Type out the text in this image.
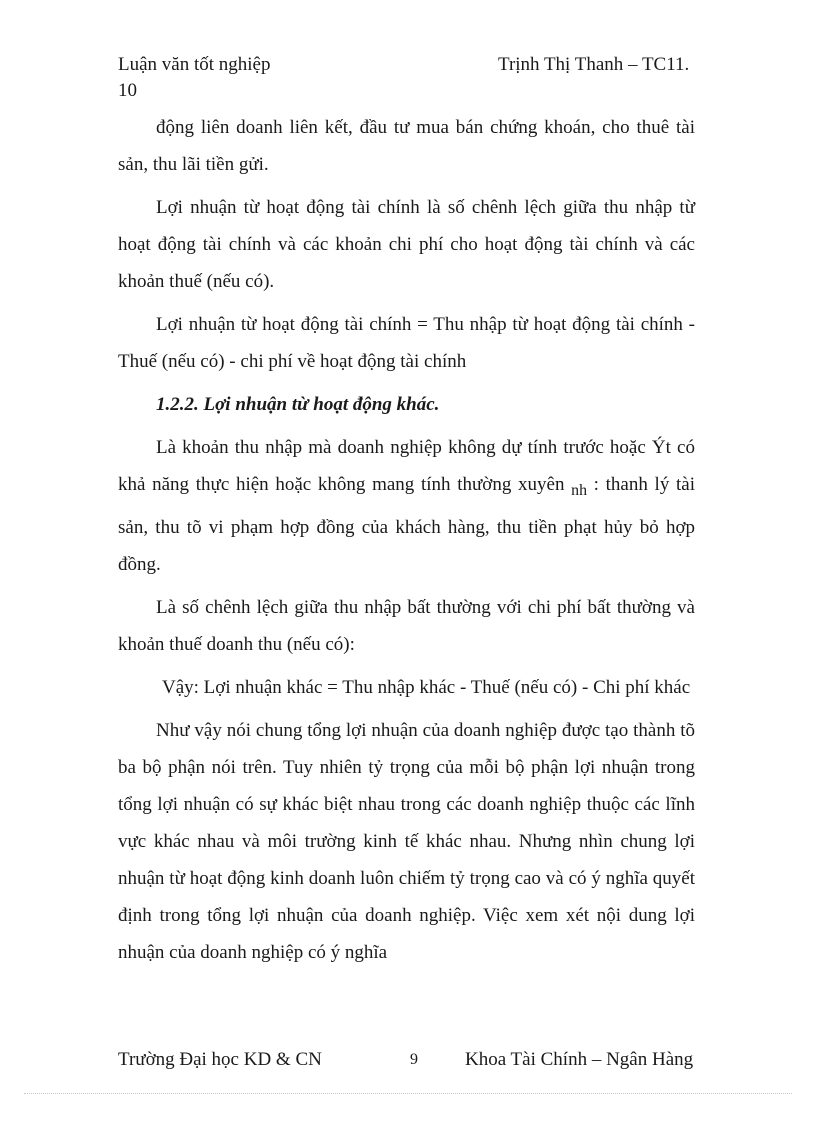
Luận văn tốt nghiệp
10
Trịnh Thị Thanh – TC11.

động liên doanh liên kết, đầu tư mua bán chứng khoán, cho thuê tài sản, thu lãi tiền gửi.

Lợi nhuận từ hoạt động tài chính là số chênh lệch giữa thu nhập từ hoạt động tài chính và các khoản chi phí cho hoạt động tài chính và các khoản thuế (nếu có).

Lợi nhuận từ hoạt động tài chính = Thu nhập từ hoạt động tài chính - Thuế (nếu có) - chi phí về hoạt động tài chính

1.2.2. Lợi nhuận từ hoạt động khác.

Là khoản thu nhập mà doanh nghiệp không dự tính trước hoặc Ýt có khả năng thực hiện hoặc không mang tính thường xuyên $_{nh}$ : thanh lý tài sản, thu tõ vi phạm hợp đồng của khách hàng, thu tiền phạt hủy bỏ hợp đồng.

Là số chênh lệch giữa thu nhập bất thường với chi phí bất thường và khoản thuế doanh thu (nếu có):

Vậy: Lợi nhuận khác = Thu nhập khác - Thuế (nếu có) - Chi phí khác

Như vậy nói chung tổng lợi nhuận của doanh nghiệp được tạo thành tõ ba bộ phận nói trên. Tuy nhiên tỷ trọng của mỗi bộ phận lợi nhuận trong tổng lợi nhuận có sự khác biệt nhau trong các doanh nghiệp thuộc các lĩnh vực khác nhau và môi trường kinh tế khác nhau. Nhưng nhìn chung lợi nhuận từ hoạt động kinh doanh luôn chiếm tỷ trọng cao và có ý nghĩa quyết định trong tổng lợi nhuận của doanh nghiệp. Việc xem xét nội dung lợi nhuận của doanh nghiệp có ý nghĩa

Trường Đại học KD & CN	9 Khoa Tài Chính – Ngân Hàng
